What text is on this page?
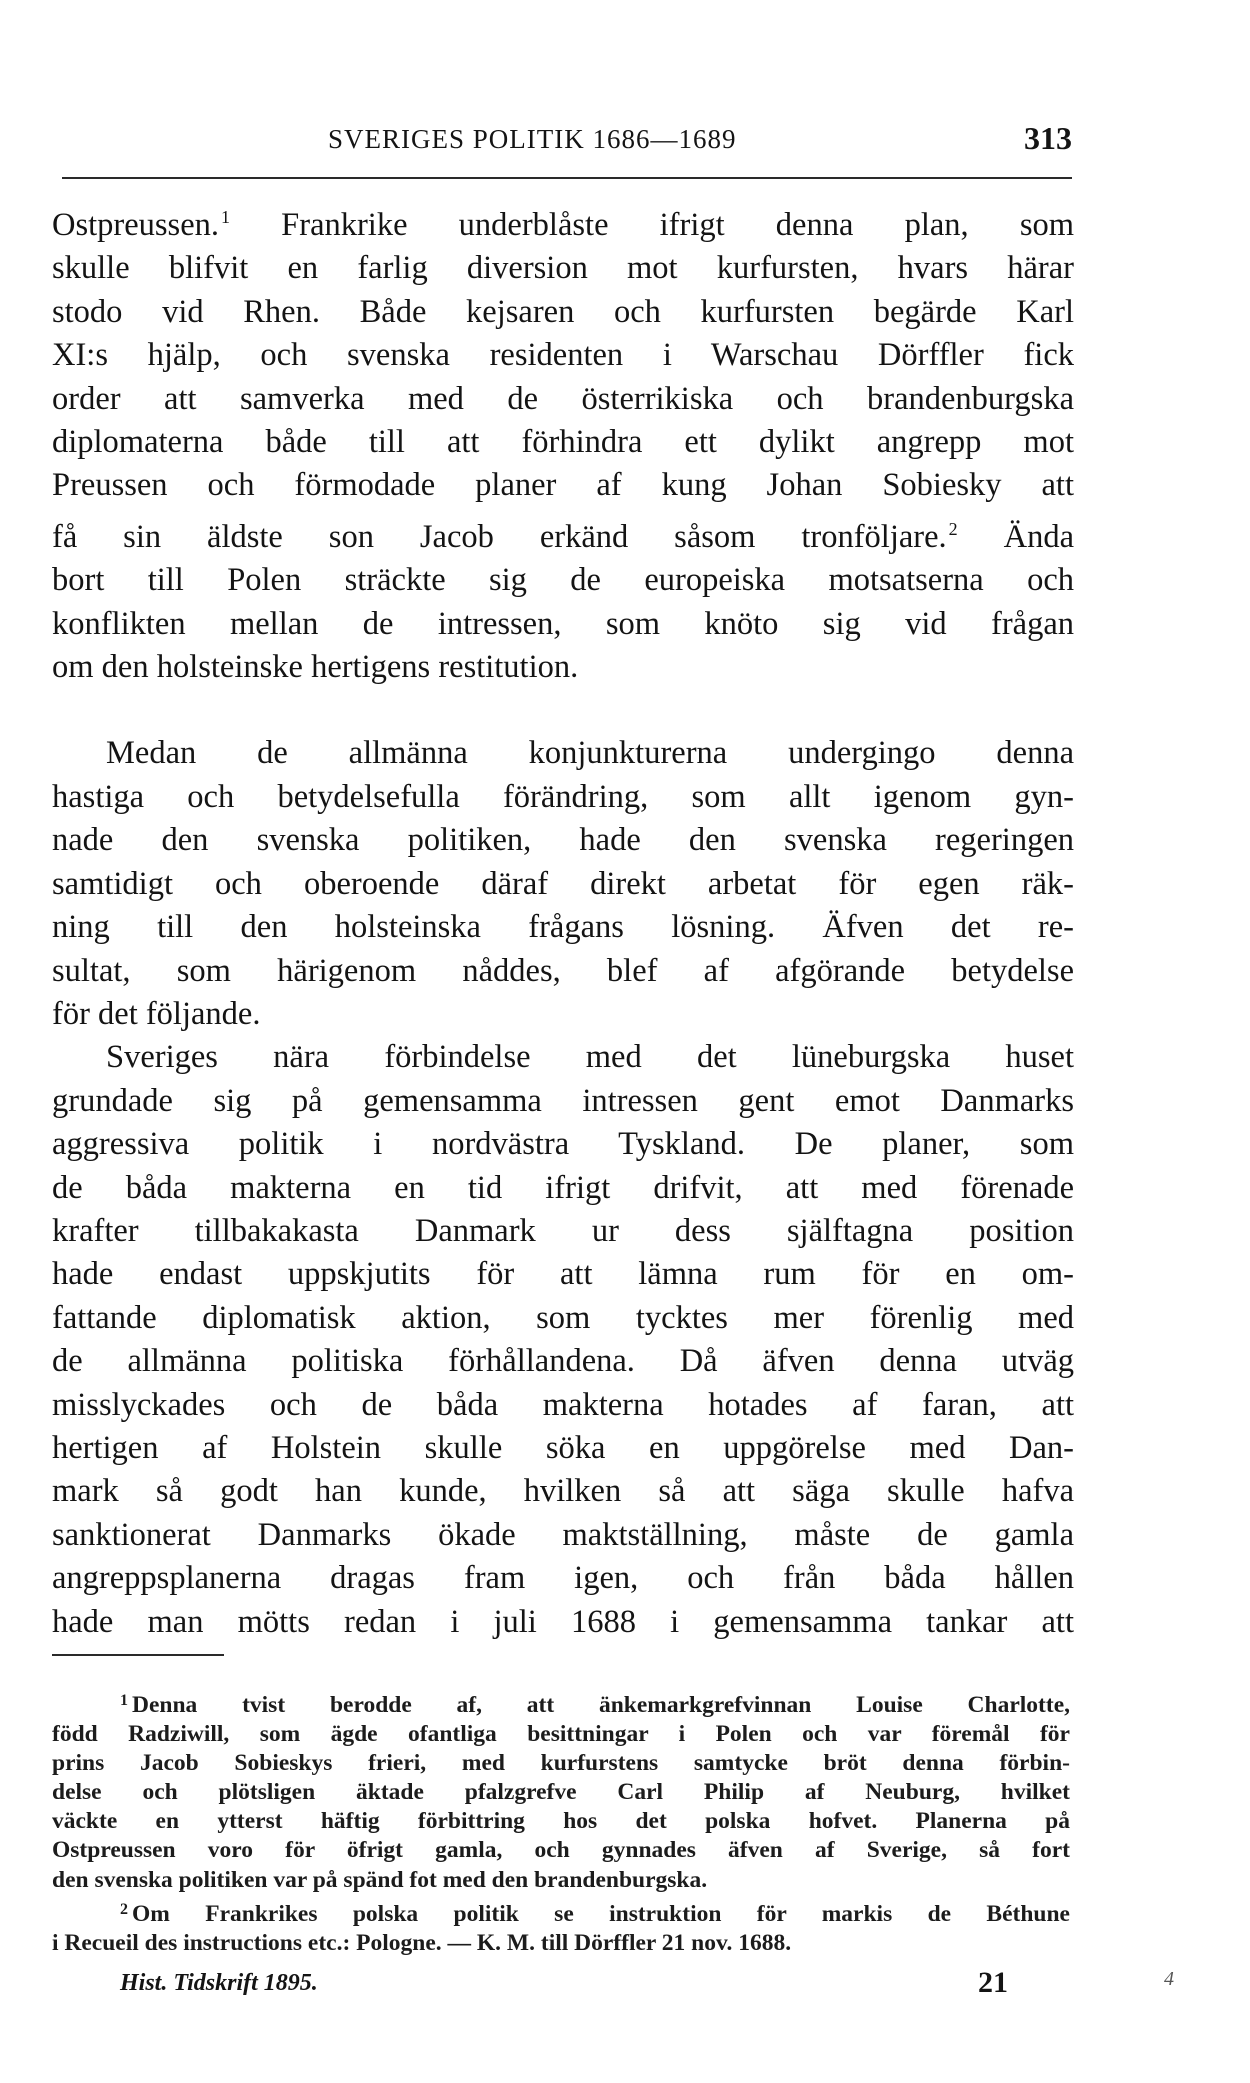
SVERIGES POLITIK 1686—1689	313

Ostpreussen. $^1$ Frankrike underblåste ifrigt denna plan, som
skulle blifvit en farlig diversion mot kurfursten, hvars härar
stodo vid Rhen. Både kejsaren och kurfursten begärde Karl
XI:s hjälp, och svenska residenten i Warschau Dörffler fick
order att samverka med de österrikiska och brandenburgska
diplomaterna både till att förhindra ett dylikt angrepp mot
Preussen och förmodade planer af kung Johan Sobiesky att
få sin äldste son Jacob erkänd såsom tronföljare. $^2$ Ända
bort till Polen sträckte sig de europeiska motsatserna och
konflikten mellan de intressen, som knöto sig vid frågan
om den holsteinske hertigens restitution.

Medan de allmänna konjunkturerna undergingo denna
hastiga och betydelsefulla förändring, som allt igenom gyn-
nade den svenska politiken, hade den svenska regeringen
samtidigt och oberoende däraf direkt arbetat för egen räk-
ning till den holsteinska frågans lösning. Äfven det re-
sultat, som härigenom nåddes, blef af afgörande betydelse
för det följande.

Sveriges nära förbindelse med det lüneburgska huset
grundade sig på gemensamma intressen gent emot Danmarks
aggressiva politik i nordvästra Tyskland. De planer, som
de båda makterna en tid ifrigt drifvit, att med förenade
krafter tillbakakasta Danmark ur dess själftagna position
hade endast uppskjutits för att lämna rum för en om-
fattande diplomatisk aktion, som tycktes mer förenlig med
de allmänna politiska förhållandena. Då äfven denna utväg
misslyckades och de båda makterna hotades af faran, att
hertigen af Holstein skulle söka en uppgörelse med Dan-
mark så godt han kunde, hvilken så att säga skulle hafva
sanktionerat Danmarks ökade maktställning, måste de gamla
angreppsplanerna dragas fram igen, och från båda hållen
hade man mötts redan i juli 1688 i gemensamma tankar att

$^1$ Denna tvist berodde af, att änkemarkgrefvinnan Louise Charlotte,
född Radziwill, som ägde ofantliga besittningar i Polen och var föremål för
prins Jacob Sobieskys frieri, med kurfurstens samtycke bröt denna förbin-
delse och plötsligen äktade pfalzgrefve Carl Philip af Neuburg, hvilket
väckte en ytterst häftig förbittring hos det polska hofvet. Planerna på
Ostpreussen voro för öfrigt gamla, och gynnades äfven af Sverige, så fort
den svenska politiken var på spänd fot med den brandenburgska.

$^2$ Om Frankrikes polska politik se instruktion för markis de Béthune
i Recueil des instructions etc.: Pologne. — K. M. till Dörffler 21 nov. 1688.

Hist. Tidskrift 1895.	21	4
